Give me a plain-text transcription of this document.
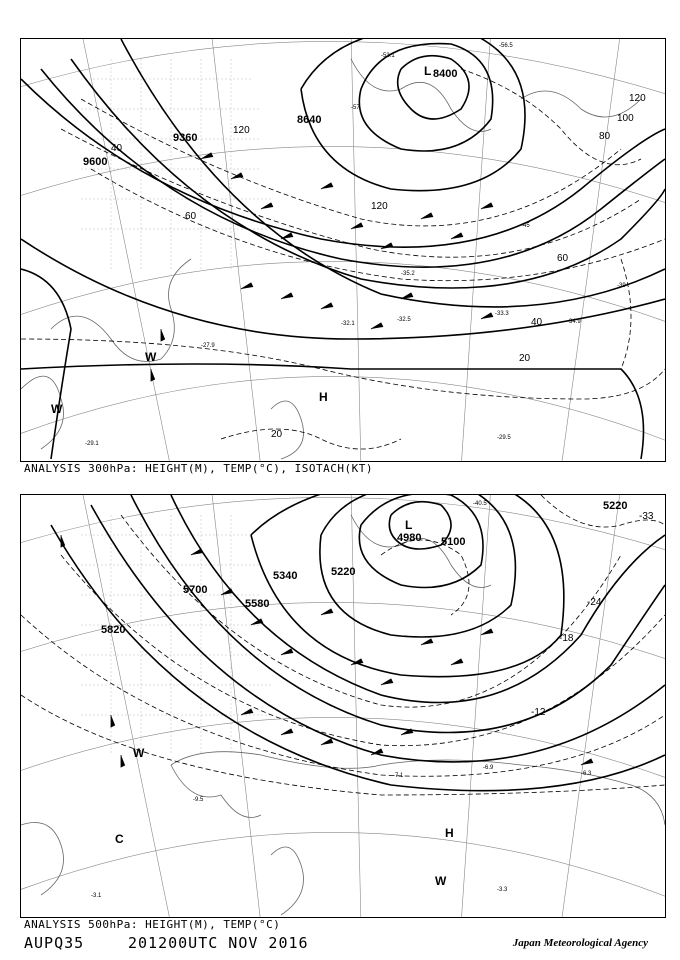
8400
8640
9360
9600
20
20
40
40
60
60
80
100
120
120
120
-53.1
-56.5
-57
-45
-39
-35.2
-33.3
-32.5
-32.1	-34.9
-29.1
-29.5
-27.9
L
H
W
W
ANALYSIS 300hPa: HEIGHT(M), TEMP(°C), ISOTACH(KT)
4980 5100
5220
5220
5340
5580
5700
5820
-40.5
-33
-24
-18
-12
-9.5
-7.1
-6.9
-6.3
-3.3
-3.1
L
H
W
W
C
ANALYSIS 500hPa: HEIGHT(M), TEMP(°C)
AUPQ35	201200UTC NOV 2016	Japan Meteorological Agency
